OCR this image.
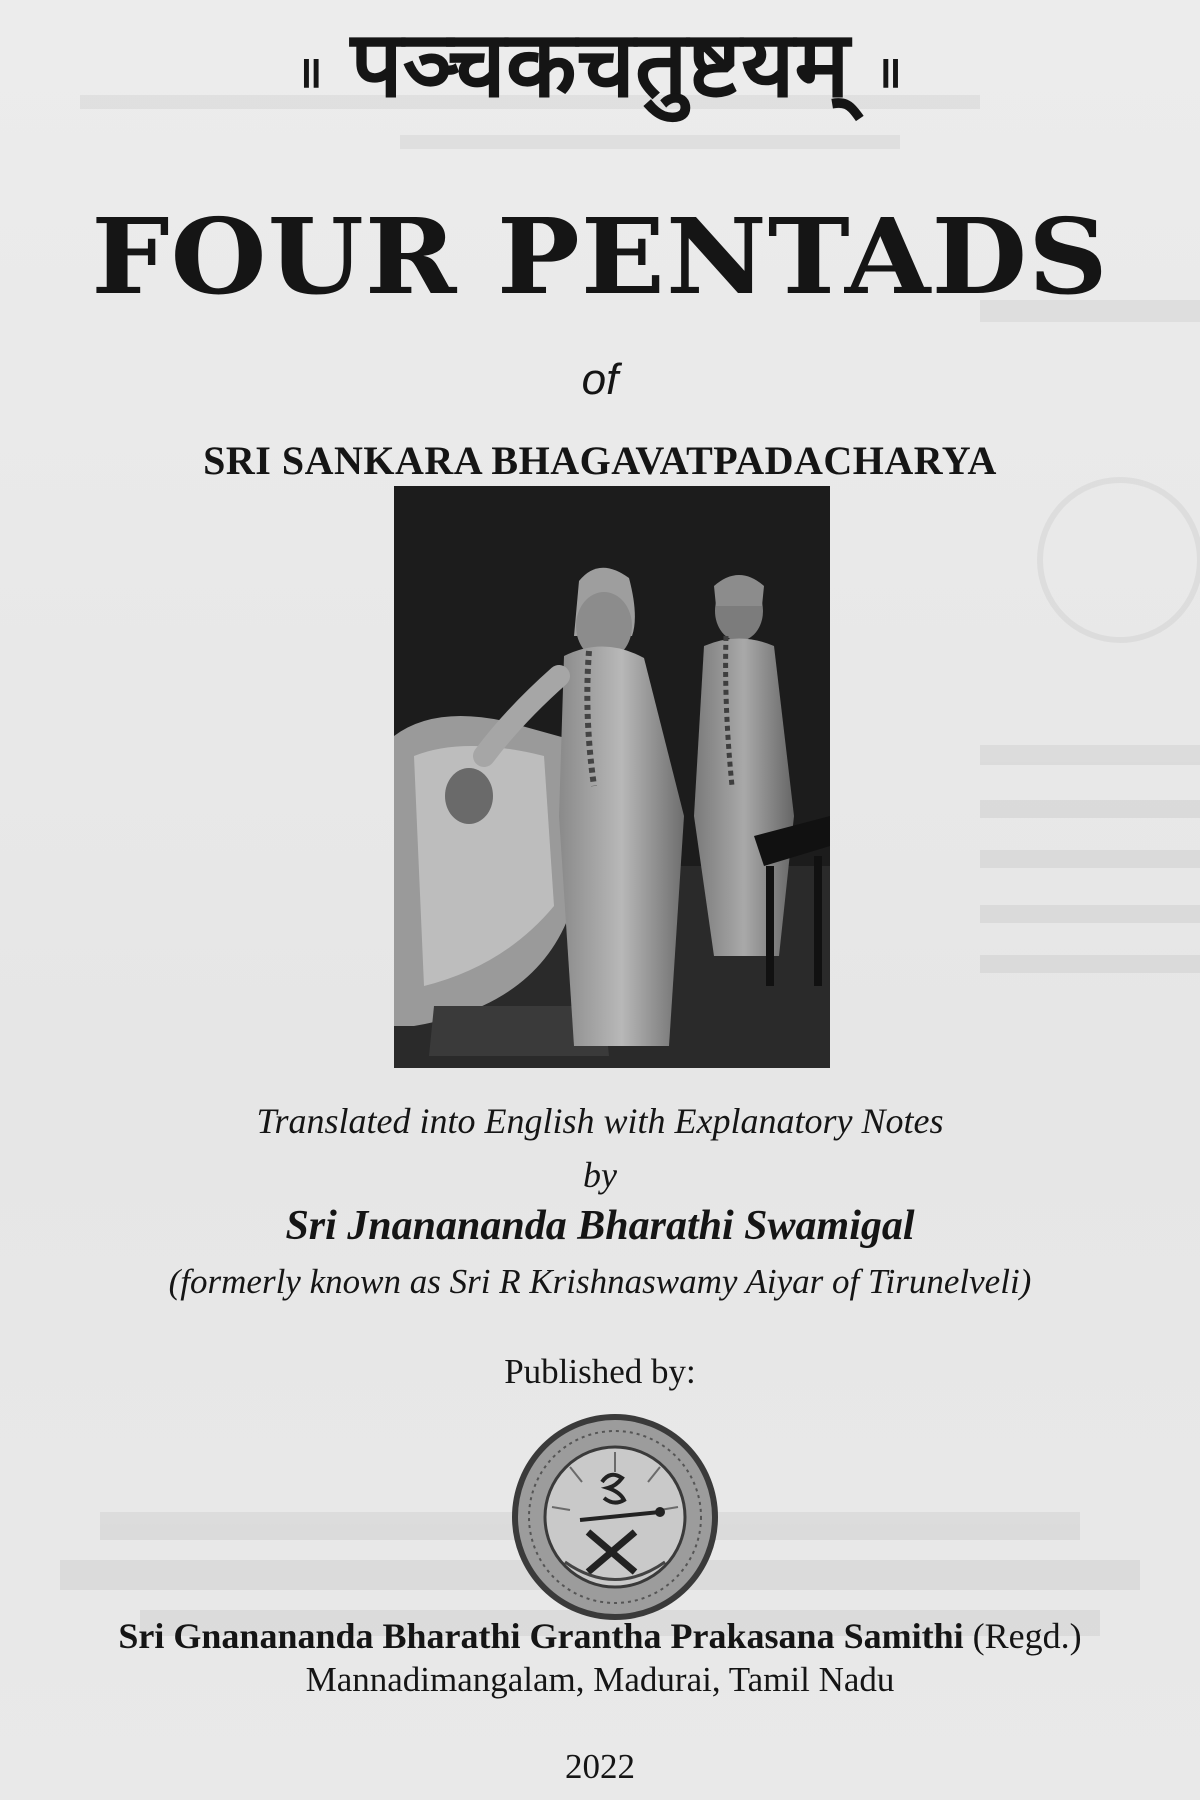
॥ पञ्चकचतुष्टयम् ॥
FOUR PENTADS
of
SRI SANKARA BHAGAVATPADACHARYA
Translated into English with Explanatory Notes
by
Sri Jnanananda Bharathi Swamigal
(formerly known as Sri R Krishnaswamy Aiyar of Tirunelveli)
Published by:
Sri Gnanananda Bharathi Grantha Prakasana Samithi (Regd.)
Mannadimangalam, Madurai, Tamil Nadu
2022
